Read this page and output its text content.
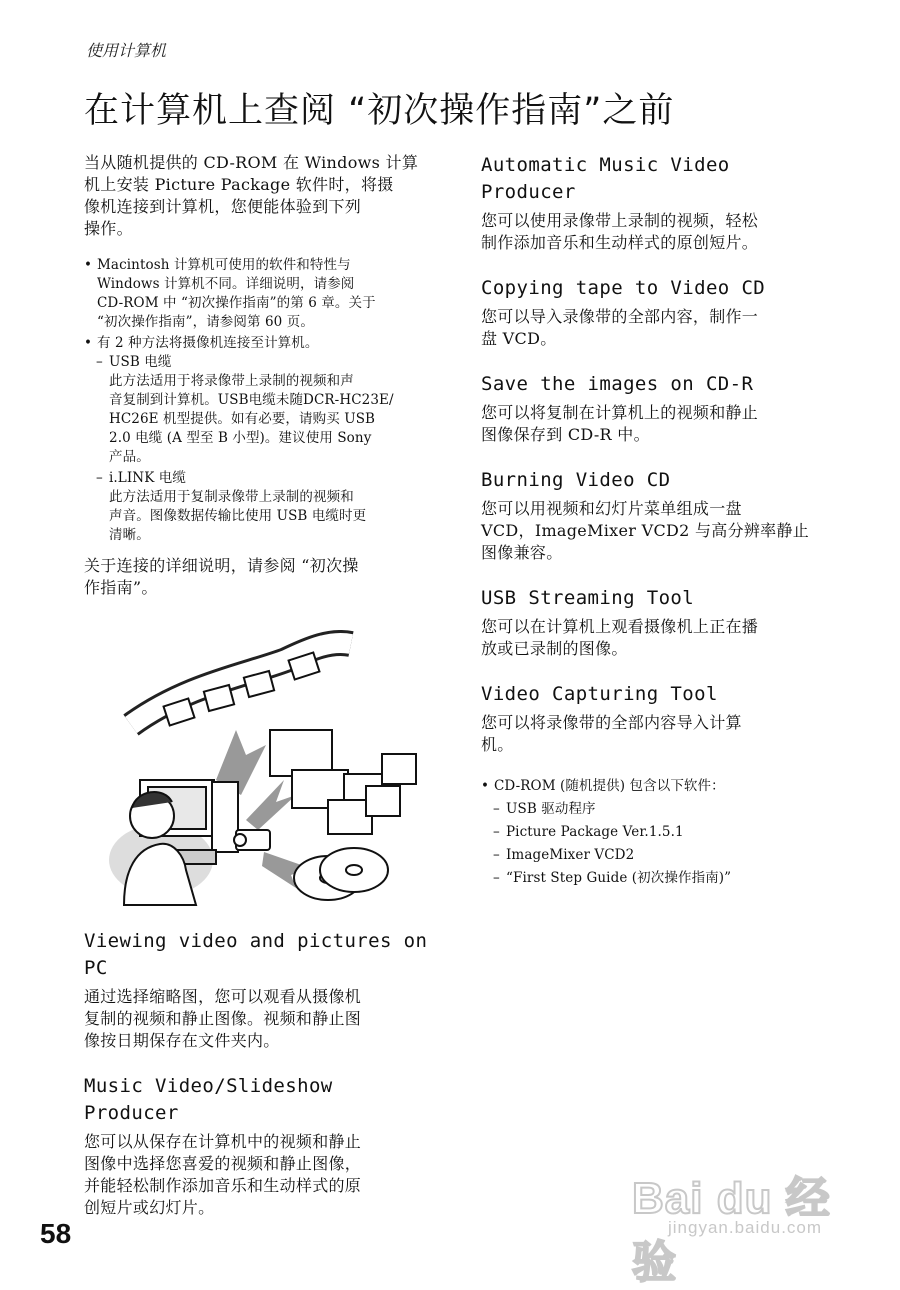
使用计算机
在计算机上查阅 “初次操作指南”之前

当从随机提供的 CD-ROM 在 Windows 计算
机上安装 Picture Package 软件时，将摄
像机连接到计算机，您便能体验到下列
操作。

• Macintosh 计算机可使用的软件和特性与
Windows 计算机不同。详细说明，请参阅
CD-ROM 中 “初次操作指南”的第 6 章。关于
“初次操作指南”，请参阅第 60 页。

• 有 2 种方法将摄像机连接至计算机。

– USB 电缆

此方法适用于将录像带上录制的视频和声
音复制到计算机。USB电缆未随DCR-HC23E/
HC26E 机型提供。如有必要，请购买 USB
2.0 电缆 (A 型至 B 小型)。建议使用 Sony
产品。

– i.LINK 电缆

此方法适用于复制录像带上录制的视频和
声音。图像数据传输比使用 USB 电缆时更
清晰。

关于连接的详细说明，请参阅 “初次操
作指南”。

Viewing video and pictures on
PC

通过选择缩略图，您可以观看从摄像机
复制的视频和静止图像。视频和静止图
像按日期保存在文件夹内。

Music Video/Slideshow Producer

您可以从保存在计算机中的视频和静止
图像中选择您喜爱的视频和静止图像，
并能轻松制作添加音乐和生动样式的原
创短片或幻灯片。

Automatic Music Video Producer

您可以使用录像带上录制的视频，轻松
制作添加音乐和生动样式的原创短片。

Copying tape to Video CD

您可以导入录像带的全部内容，制作一
盘 VCD。

Save the images on CD-R

您可以将复制在计算机上的视频和静止
图像保存到 CD-R 中。

Burning Video CD

您可以用视频和幻灯片菜单组成一盘
VCD，ImageMixer VCD2 与高分辨率静止
图像兼容。

USB Streaming Tool

您可以在计算机上观看摄像机上正在播
放或已录制的图像。

Video Capturing Tool

您可以将录像带的全部内容导入计算
机。

• CD-ROM (随机提供) 包含以下软件：

– USB 驱动程序

– Picture Package Ver.1.5.1

– ImageMixer VCD2

– “First Step Guide (初次操作指南)”

58
Bai du 经验
jingyan.baidu.com
